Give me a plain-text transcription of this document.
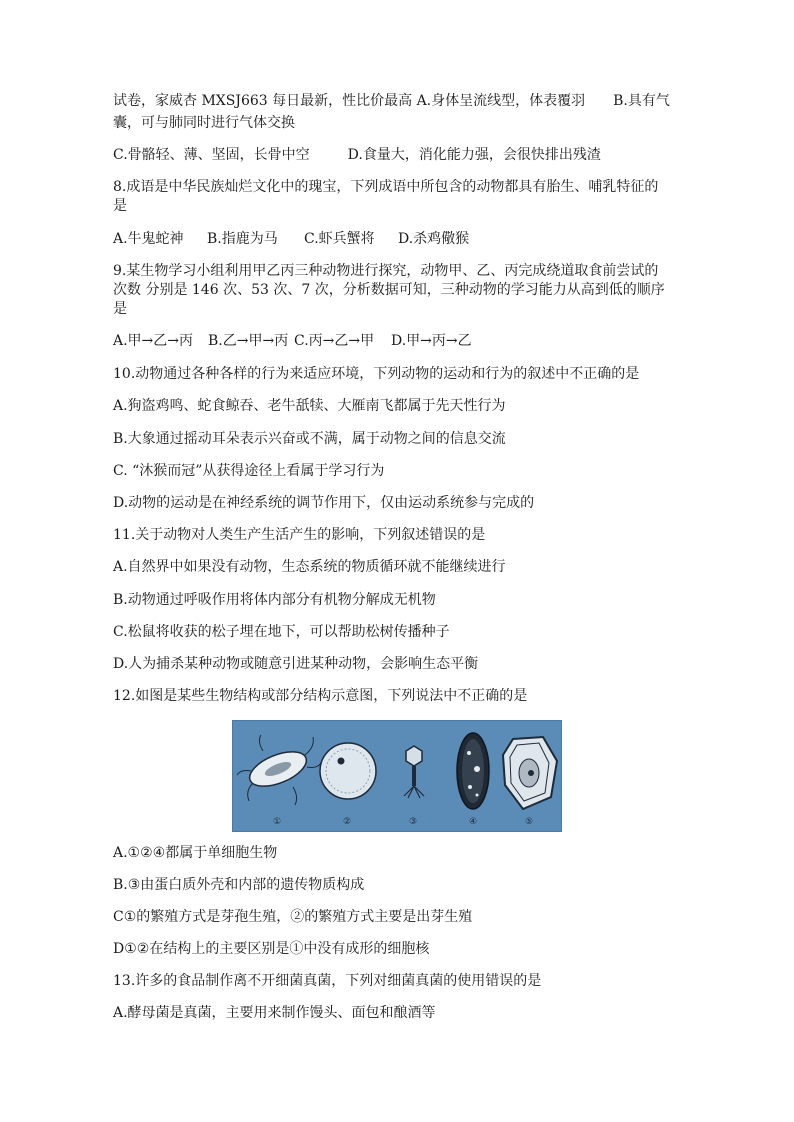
试卷，家威杏 MXSJ663 每日最新，性比价最高 A.身体呈流线型，体表覆羽 B.具有气
囊，可与肺同时进行气体交换
C.骨骼轻、薄、坚固，长骨中空	D.食量大，消化能力强，会很快排出残渣
8.成语是中华民族灿烂文化中的瑰宝，下列成语中所包含的动物都具有胎生、哺乳特征的
是
A.牛鬼蛇神 B.指鹿为马 C.虾兵蟹将 D.杀鸡儆猴
9.某生物学习小组利用甲乙丙三种动物进行探究，动物甲、乙、丙完成绕道取食前尝试的
次数 分别是 146 次、53 次、7 次，分析数据可知，三种动物的学习能力从高到低的顺序
是
A.甲→乙→丙 B.乙→甲→丙 C.丙→乙→甲 D.甲→丙→乙
10.动物通过各种各样的行为来适应环境，下列动物的运动和行为的叙述中不正确的是
A.狗盗鸡鸣、蛇食鲸吞、老牛舐犊、大雁南飞都属于先天性行为
B.大象通过摇动耳朵表示兴奋或不满，属于动物之间的信息交流
C. “沐猴而冠”从获得途径上看属于学习行为
D.动物的运动是在神经系统的调节作用下，仅由运动系统参与完成的
11.关于动物对人类生产生活产生的影响，下列叙述错误的是
A.自然界中如果没有动物，生态系统的物质循环就不能继续进行
B.动物通过呼吸作用将体内部分有机物分解成无机物
C.松鼠将收获的松子埋在地下，可以帮助松树传播种子
D.人为捕杀某种动物或随意引进某种动物，会影响生态平衡
12.如图是某些生物结构或部分结构示意图，下列说法中不正确的是
①	②	③	④	⑤
A.①②④都属于单细胞生物
B.③由蛋白质外壳和内部的遗传物质构成
C①的繁殖方式是芽孢生殖，②的繁殖方式主要是出芽生殖
D①②在结构上的主要区别是①中没有成形的细胞核
13.许多的食品制作离不开细菌真菌，下列对细菌真菌的使用错误的是
A.酵母菌是真菌，主要用来制作馒头、面包和酿酒等
